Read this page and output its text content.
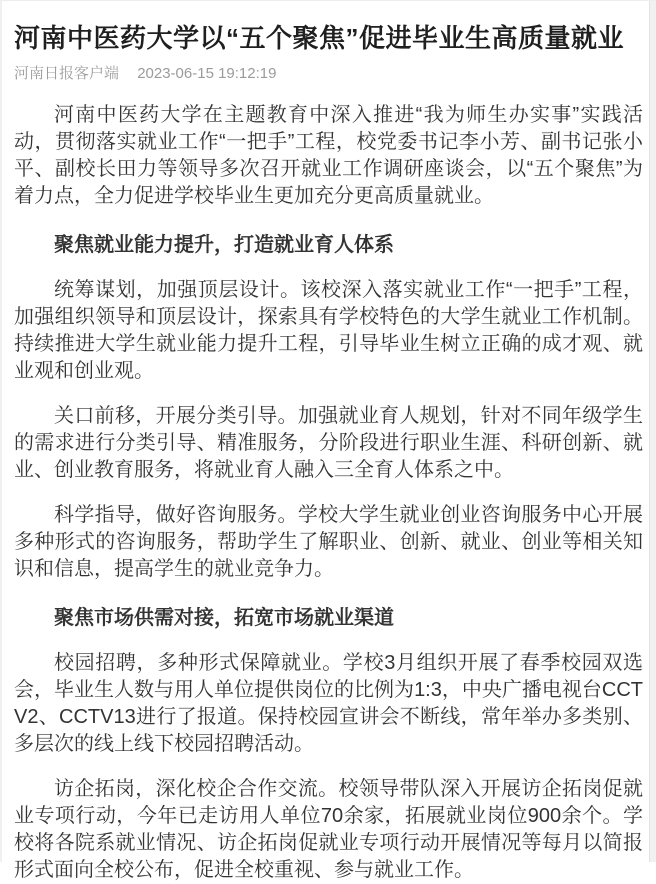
河南中医药大学以“五个聚焦”促进毕业生高质量就业
河南日报客户端 2023-06-15 19:12:19

河南中医药大学在主题教育中深入推进“我为师生办实事”实践活动，贯彻落实就业工作“一把手”工程，校党委书记李小芳、副书记张小平、副校长田力等领导多次召开就业工作调研座谈会，以“五个聚焦”为着力点，全力促进学校毕业生更加充分更高质量就业。

聚焦就业能力提升，打造就业育人体系

统筹谋划，加强顶层设计。该校深入落实就业工作“一把手”工程，加强组织领导和顶层设计，探索具有学校特色的大学生就业工作机制。持续推进大学生就业能力提升工程，引导毕业生树立正确的成才观、就业观和创业观。

关口前移，开展分类引导。加强就业育人规划，针对不同年级学生的需求进行分类引导、精准服务，分阶段进行职业生涯、科研创新、就业、创业教育服务，将就业育人融入三全育人体系之中。

科学指导，做好咨询服务。学校大学生就业创业咨询服务中心开展多种形式的咨询服务，帮助学生了解职业、创新、就业、创业等相关知识和信息，提高学生的就业竞争力。

聚焦市场供需对接，拓宽市场就业渠道

校园招聘，多种形式保障就业。学校3月组织开展了春季校园双选会，毕业生人数与用人单位提供岗位的比例为1:3，中央广播电视台CCTV2、CCTV13进行了报道。保持校园宣讲会不断线，常年举办多类别、多层次的线上线下校园招聘活动。

访企拓岗，深化校企合作交流。校领导带队深入开展访企拓岗促就业专项行动，今年已走访用人单位70余家，拓展就业岗位900余个。学校将各院系就业情况、访企拓岗促就业专项行动开展情况等每月以简报形式面向全校公布，促进全校重视、参与就业工作。
